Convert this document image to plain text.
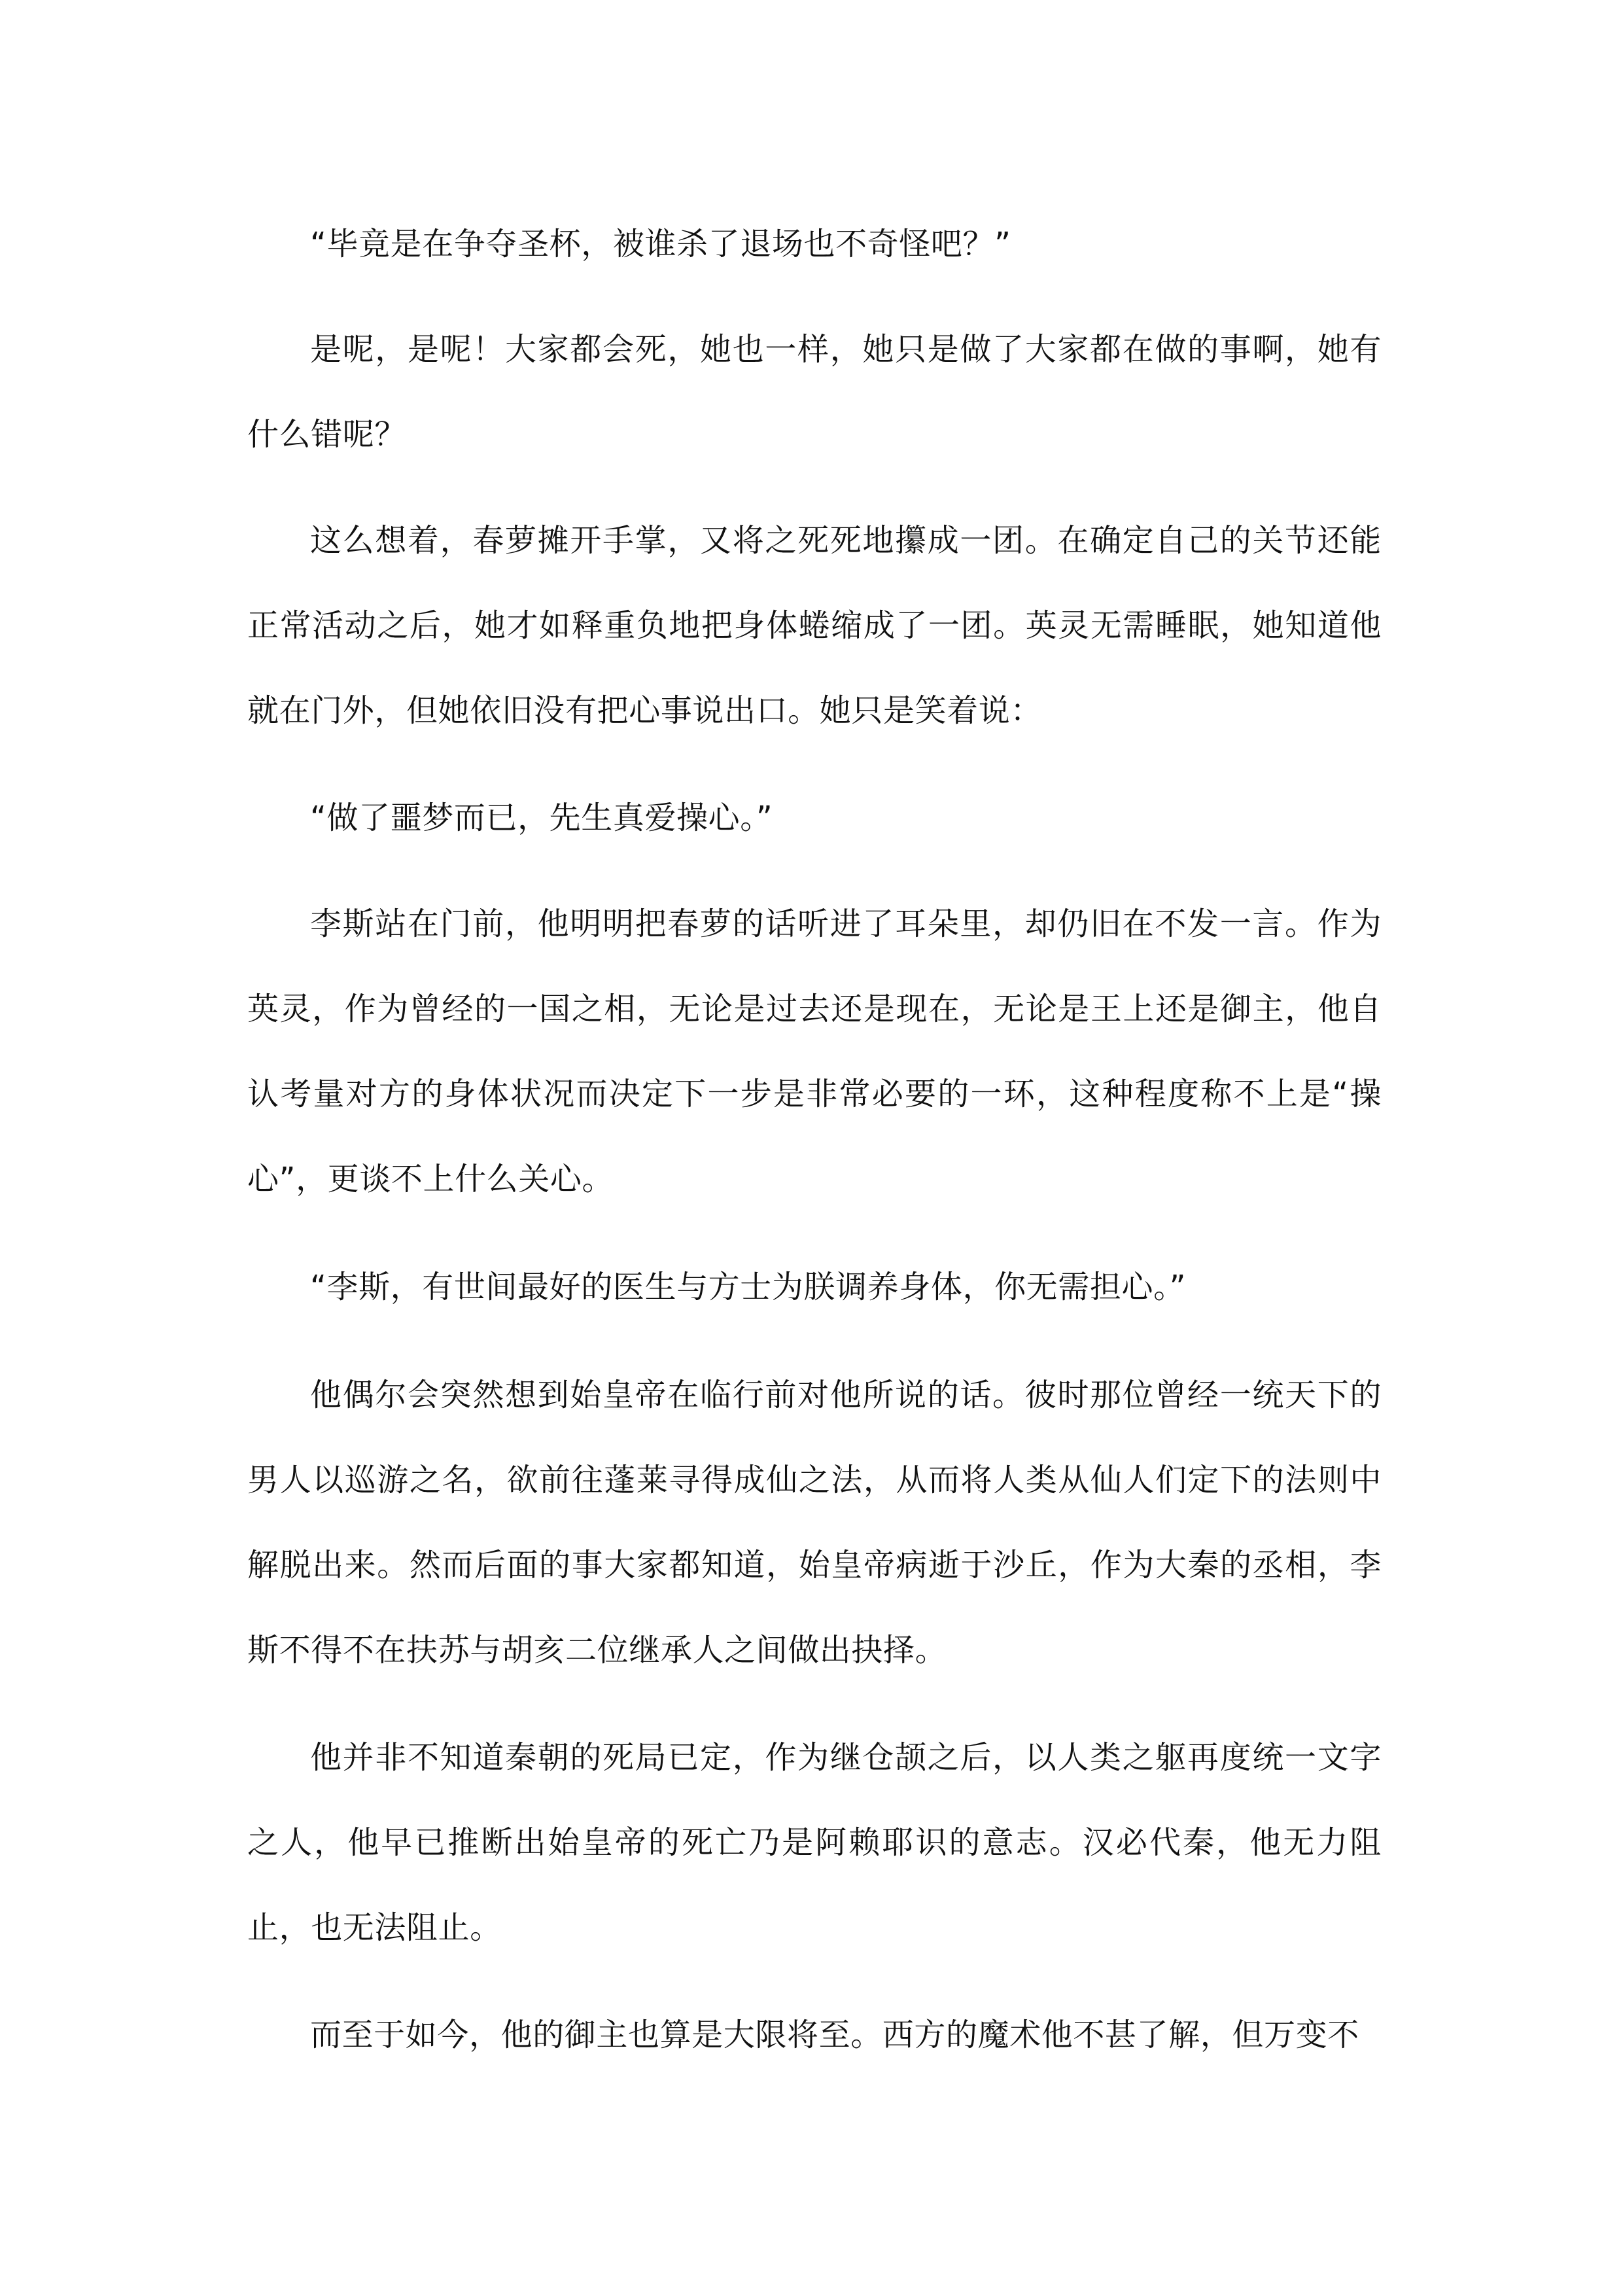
“毕竟是在争夺圣杯，被谁杀了退场也不奇怪吧？”

是呢，是呢！大家都会死，她也一样，她只是做了大家都在做的事啊，她有什么错呢？

这么想着，春萝摊开手掌，又将之死死地攥成一团。在确定自己的关节还能正常活动之后，她才如释重负地把身体蜷缩成了一团。英灵无需睡眠，她知道他就在门外，但她依旧没有把心事说出口。她只是笑着说：

“做了噩梦而已，先生真爱操心。”

李斯站在门前，他明明把春萝的话听进了耳朵里，却仍旧在不发一言。作为英灵，作为曾经的一国之相，无论是过去还是现在，无论是王上还是御主，他自认考量对方的身体状况而决定下一步是非常必要的一环，这种程度称不上是“操心”，更谈不上什么关心。

“李斯，有世间最好的医生与方士为朕调养身体，你无需担心。”

他偶尔会突然想到始皇帝在临行前对他所说的话。彼时那位曾经一统天下的男人以巡游之名，欲前往蓬莱寻得成仙之法，从而将人类从仙人们定下的法则中解脱出来。然而后面的事大家都知道，始皇帝病逝于沙丘，作为大秦的丞相，李斯不得不在扶苏与胡亥二位继承人之间做出抉择。

他并非不知道秦朝的死局已定，作为继仓颉之后，以人类之躯再度统一文字之人，他早已推断出始皇帝的死亡乃是阿赖耶识的意志。汉必代秦，他无力阻止，也无法阻止。

而至于如今，他的御主也算是大限将至。西方的魔术他不甚了解，但万变不
